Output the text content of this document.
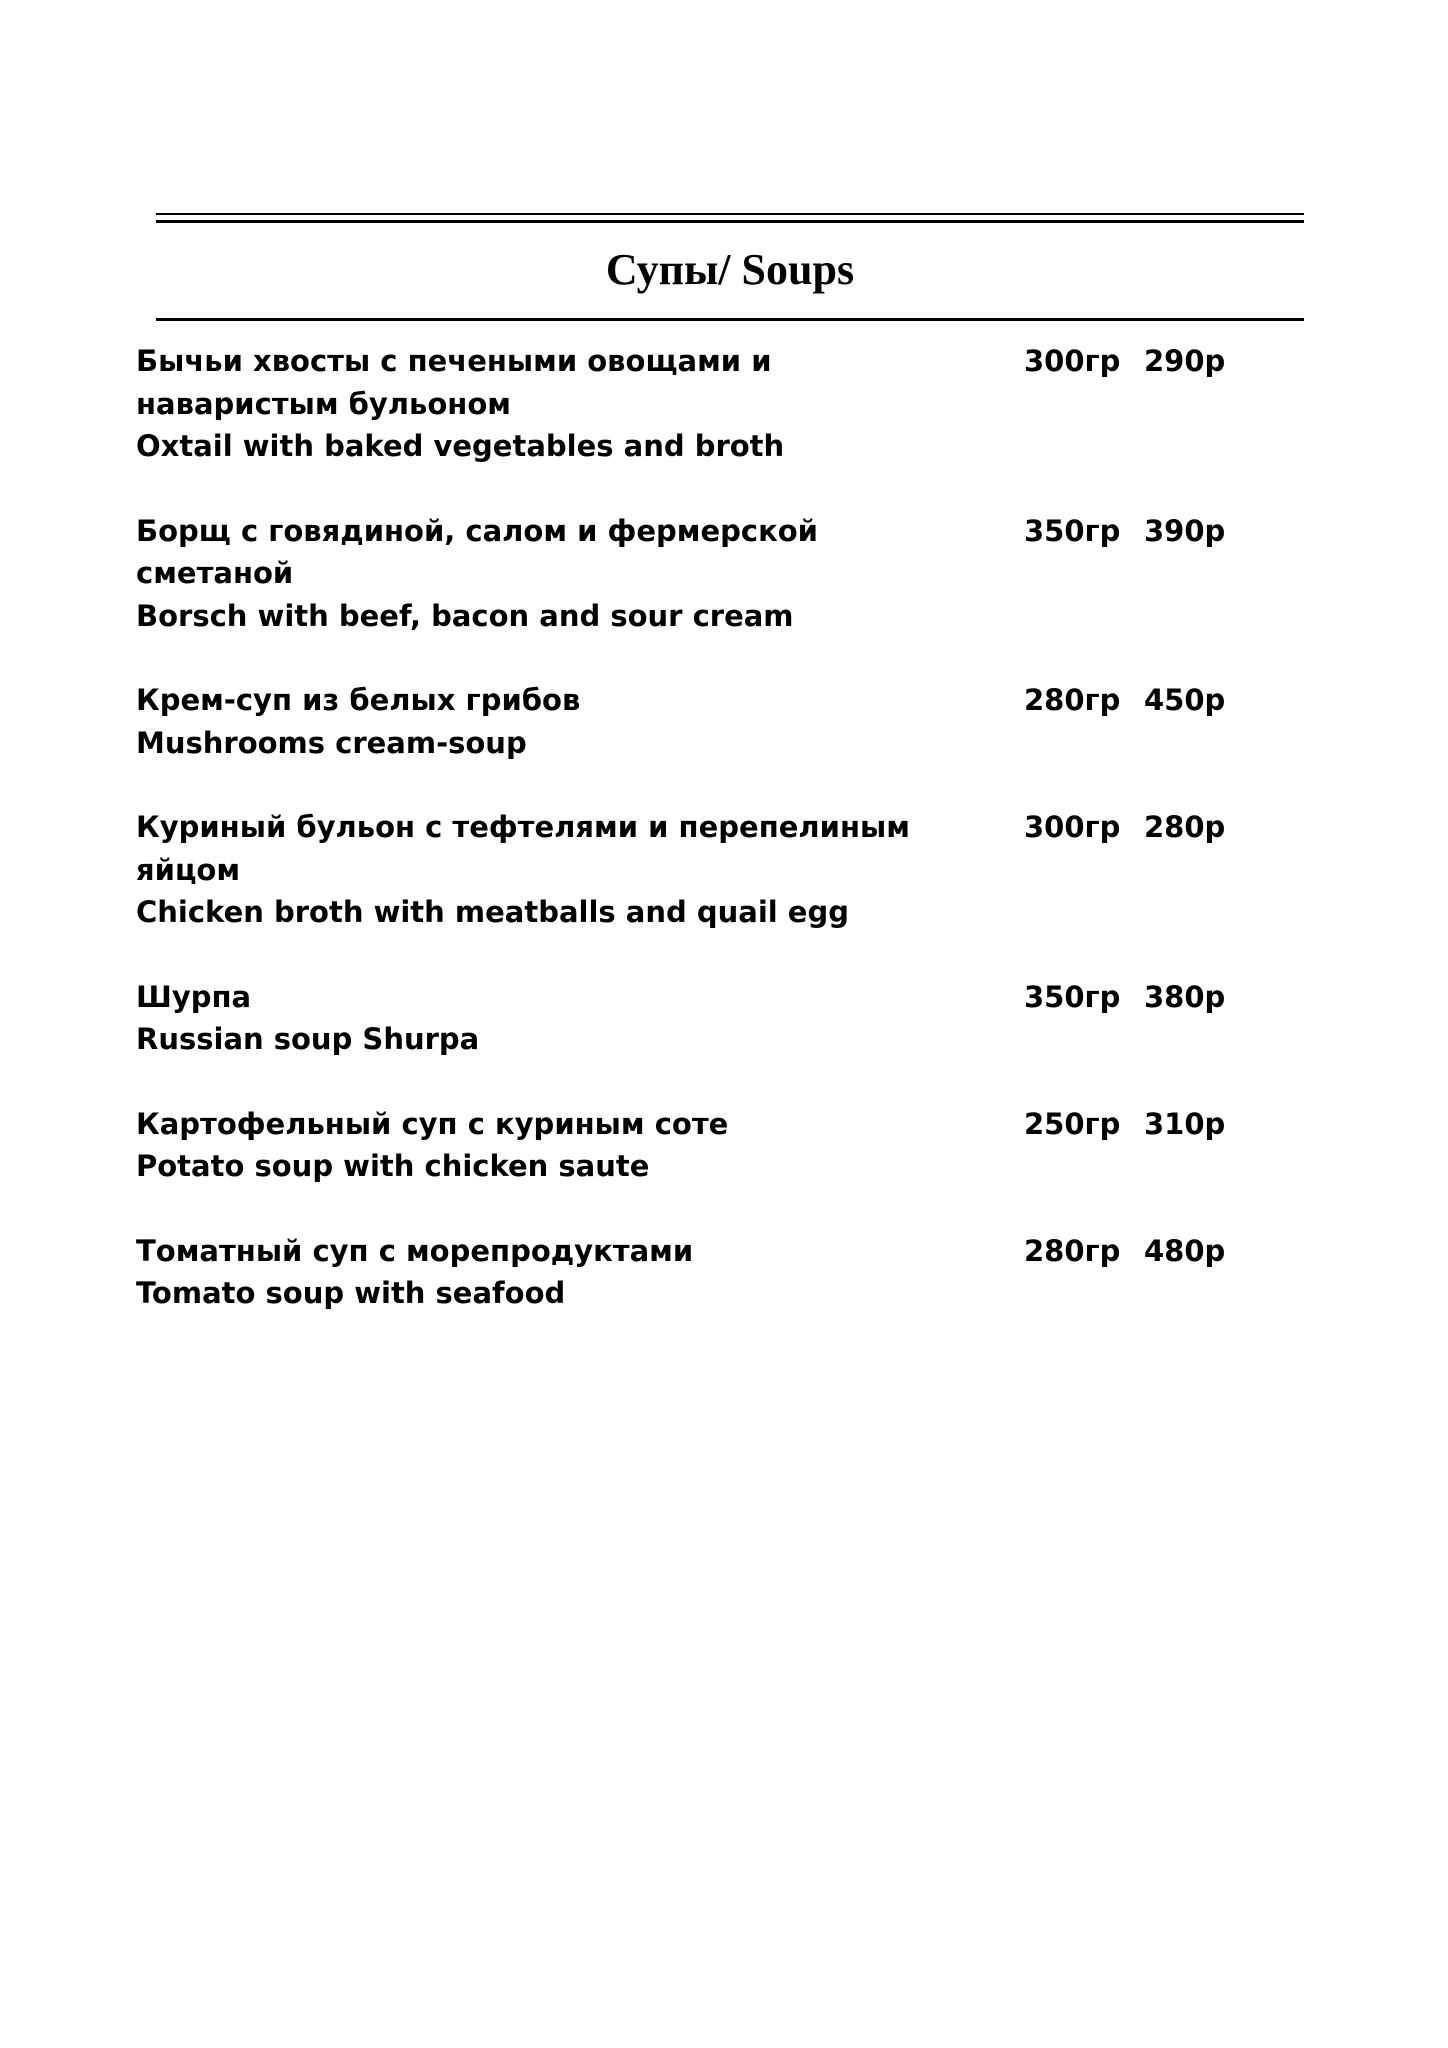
Супы/ Soups
Бычьи хвосты с печеными овощами и наваристым бульоном
Oxtail with baked vegetables and broth
300гр 290р
Борщ с говядиной, салом и фермерской сметаной
Borsch with beef, bacon and sour cream
350гр 390р
Крем-суп из белых грибов
Mushrooms cream-soup
280гр 450р
Куриный бульон с тефтелями и перепелиным яйцом
Chicken broth with meatballs and quail egg
300гр 280р
Шурпа
Russian soup Shurpa
350гр 380р
Картофельный суп с куриным соте
Potato soup with chicken saute
250гр 310р
Томатный суп с морепродуктами
Tomato soup with seafood
280гр 480р
